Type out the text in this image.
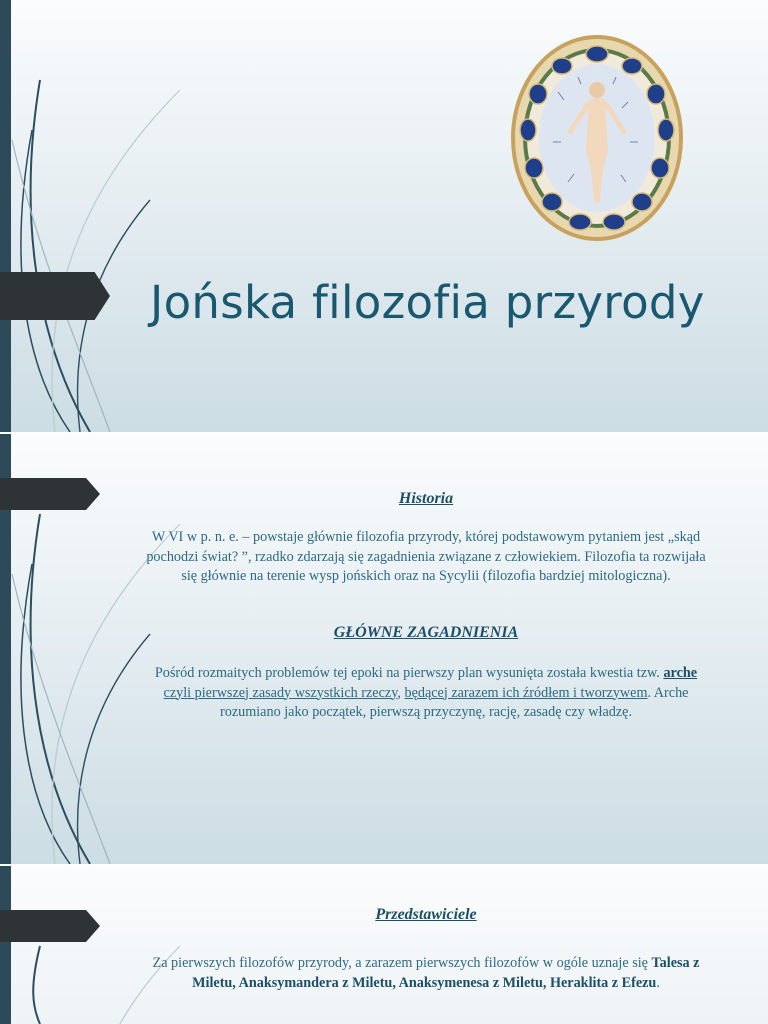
Jońska filozofia przyrody
Historia

W VI w p. n. e. – powstaje głównie filozofia przyrody, której podstawowym pytaniem jest „skąd pochodzi świat? ”, rzadko zdarzają się zagadnienia związane z człowiekiem. Filozofia ta rozwijała się głównie na terenie wysp jońskich oraz na Sycylii (filozofia bardziej mitologiczna).

GŁÓWNE ZAGADNIENIA

Pośród rozmaitych problemów tej epoki na pierwszy plan wysunięta została kwestia tzw. arche czyli pierwszej zasady wszystkich rzeczy, będącej zarazem ich źródłem i tworzywem. Arche rozumiano jako początek, pierwszą przyczynę, rację, zasadę czy władzę.

Przedstawiciele

Za pierwszych filozofów przyrody, a zarazem pierwszych filozofów w ogóle uznaje się Talesa z Miletu, Anaksymandera z Miletu, Anaksymenesa z Miletu, Heraklita z Efezu.
